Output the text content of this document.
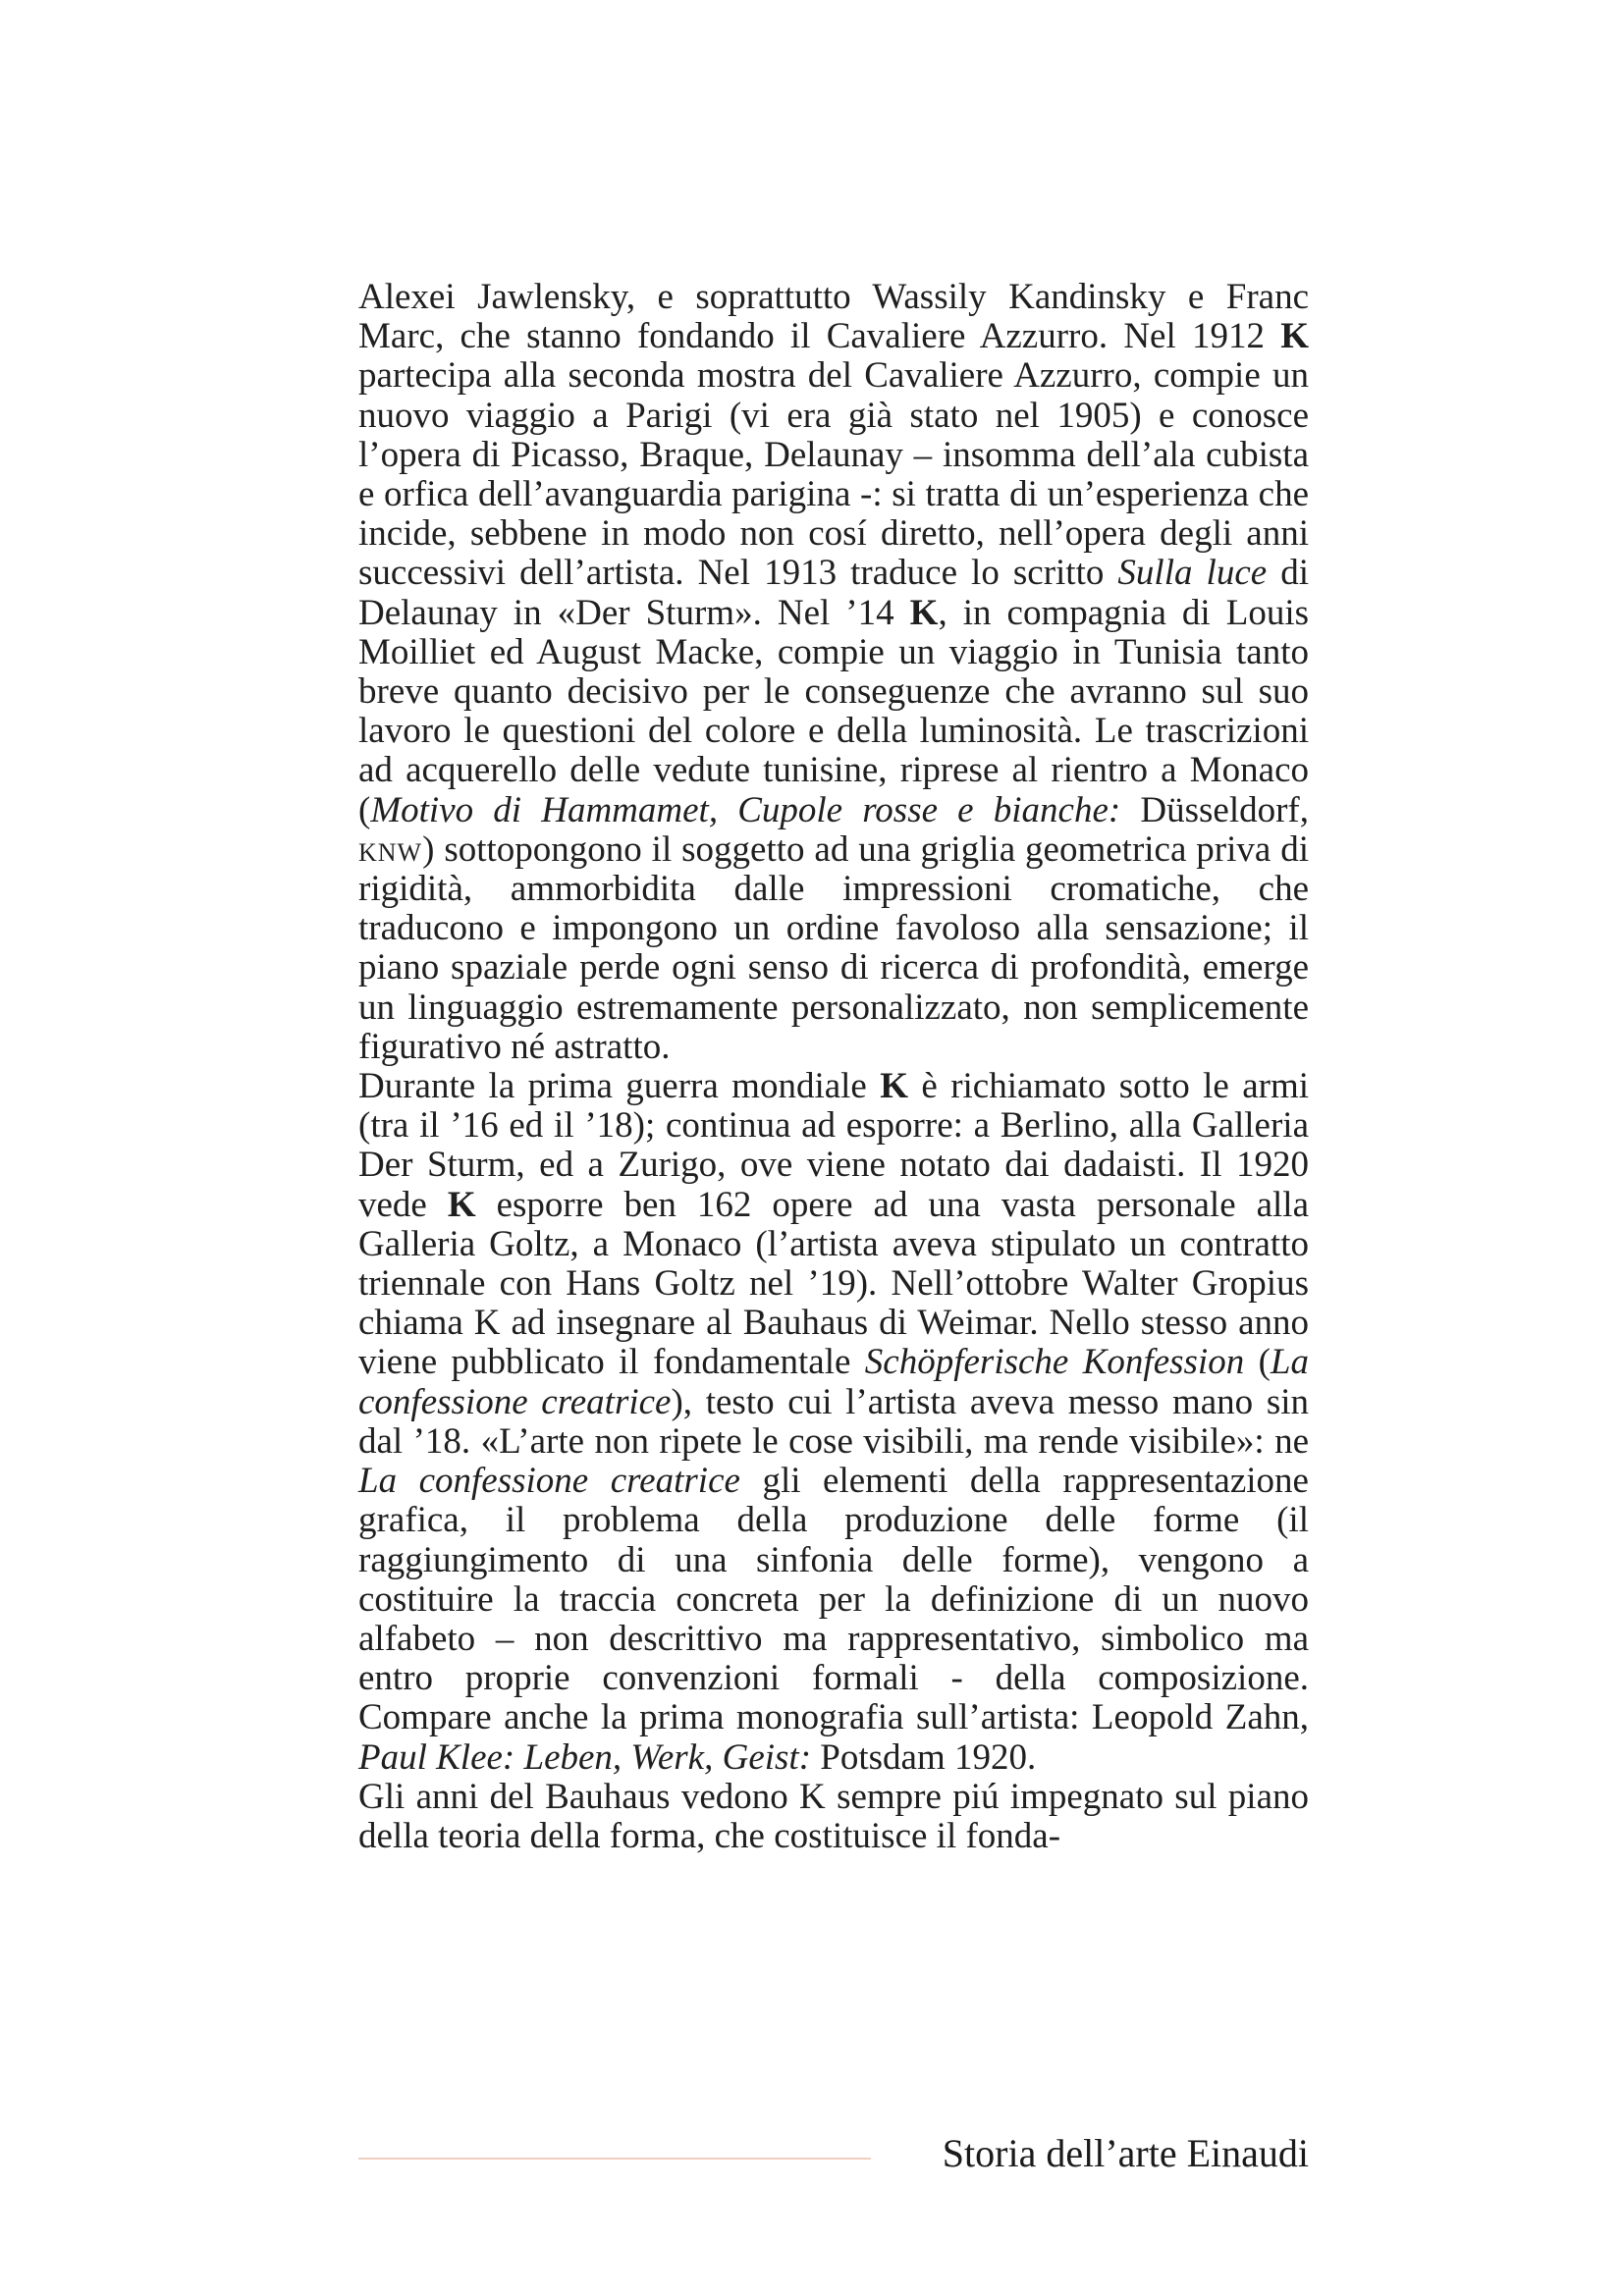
Alexei Jawlensky, e soprattutto Wassily Kandinsky e Franc Marc, che stanno fondando il Cavaliere Azzurro. Nel 1912 K partecipa alla seconda mostra del Cavaliere Azzurro, compie un nuovo viaggio a Parigi (vi era già stato nel 1905) e conosce l’opera di Picasso, Braque, Delaunay – insomma dell’ala cubista e orfica dell’avanguardia parigina -: si tratta di un’esperienza che incide, sebbene in modo non cosí diretto, nell’opera degli anni successivi dell’artista. Nel 1913 traduce lo scritto Sulla luce di Delaunay in «Der Sturm». Nel ’14 K, in compagnia di Louis Moilliet ed August Macke, compie un viaggio in Tunisia tanto breve quanto decisivo per le conseguenze che avranno sul suo lavoro le questioni del colore e della luminosità. Le trascrizioni ad acquerello delle vedute tunisine, riprese al rientro a Monaco (Motivo di Hammamet, Cupole rosse e bianche: Düsseldorf, knw) sottopongono il soggetto ad una griglia geometrica priva di rigidità, ammorbidita dalle impressioni cromatiche, che traducono e impongono un ordine favoloso alla sensazione; il piano spaziale perde ogni senso di ricerca di profondità, emerge un linguaggio estremamente personalizzato, non semplicemente figurativo né astratto.

Durante la prima guerra mondiale K è richiamato sotto le armi (tra il ’16 ed il ’18); continua ad esporre: a Berlino, alla Galleria Der Sturm, ed a Zurigo, ove viene notato dai dadaisti. Il 1920 vede K esporre ben 162 opere ad una vasta personale alla Galleria Goltz, a Monaco (l’artista aveva stipulato un contratto triennale con Hans Goltz nel ’19). Nell’ottobre Walter Gropius chiama K ad insegnare al Bauhaus di Weimar. Nello stesso anno viene pubblicato il fondamentale Schöpferische Konfession (La confessione creatrice), testo cui l’artista aveva messo mano sin dal ’18. «L’arte non ripete le cose visibili, ma rende visibile»: ne La confessione creatrice gli elementi della rappresentazione grafica, il problema della produzione delle forme (il raggiungimento di una sinfonia delle forme), vengono a costituire la traccia concreta per la definizione di un nuovo alfabeto – non descrittivo ma rappresentativo, simbolico ma entro proprie convenzioni formali - della composizione. Compare anche la prima monografia sull’artista: Leopold Zahn, Paul Klee: Leben, Werk, Geist: Potsdam 1920.

Gli anni del Bauhaus vedono K sempre piú impegnato sul piano della teoria della forma, che costituisce il fonda-

Storia dell’arte Einaudi
